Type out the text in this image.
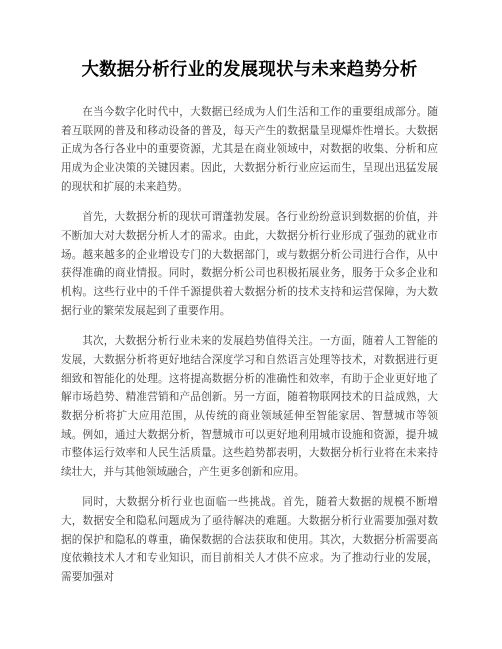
大数据分析行业的发展现状与未来趋势分析

在当今数字化时代中，大数据已经成为人们生活和工作的重要组成部分。随着互联网的普及和移动设备的普及，每天产生的数据量呈现爆炸性增长。大数据正成为各行各业中的重要资源，尤其是在商业领域中，对数据的收集、分析和应用成为企业决策的关键因素。因此，大数据分析行业应运而生，呈现出迅猛发展的现状和扩展的未来趋势。

首先，大数据分析的现状可谓蓬勃发展。各行业纷纷意识到数据的价值，并不断加大对大数据分析人才的需求。由此，大数据分析行业形成了强劲的就业市场。越来越多的企业增设专门的大数据部门，或与数据分析公司进行合作，从中获得准确的商业情报。同时，数据分析公司也积极拓展业务，服务于众多企业和机构。这些行业中的千伴千源提供着大数据分析的技术支持和运营保障，为大数据行业的繁荣发展起到了重要作用。

其次，大数据分析行业未来的发展趋势值得关注。一方面，随着人工智能的发展，大数据分析将更好地结合深度学习和自然语言处理等技术，对数据进行更细致和智能化的处理。这将提高数据分析的准确性和效率，有助于企业更好地了解市场趋势、精准营销和产品创新。另一方面，随着物联网技术的日益成熟，大数据分析将扩大应用范围，从传统的商业领域延伸至智能家居、智慧城市等领域。例如，通过大数据分析，智慧城市可以更好地利用城市设施和资源，提升城市整体运行效率和人民生活质量。这些趋势都表明，大数据分析行业将在未来持续壮大，并与其他领域融合，产生更多创新和应用。

同时，大数据分析行业也面临一些挑战。首先，随着大数据的规模不断增大，数据安全和隐私问题成为了亟待解决的难题。大数据分析行业需要加强对数据的保护和隐私的尊重，确保数据的合法获取和使用。其次，大数据分析需要高度依赖技术人才和专业知识，而目前相关人才供不应求。为了推动行业的发展，需要加强对
